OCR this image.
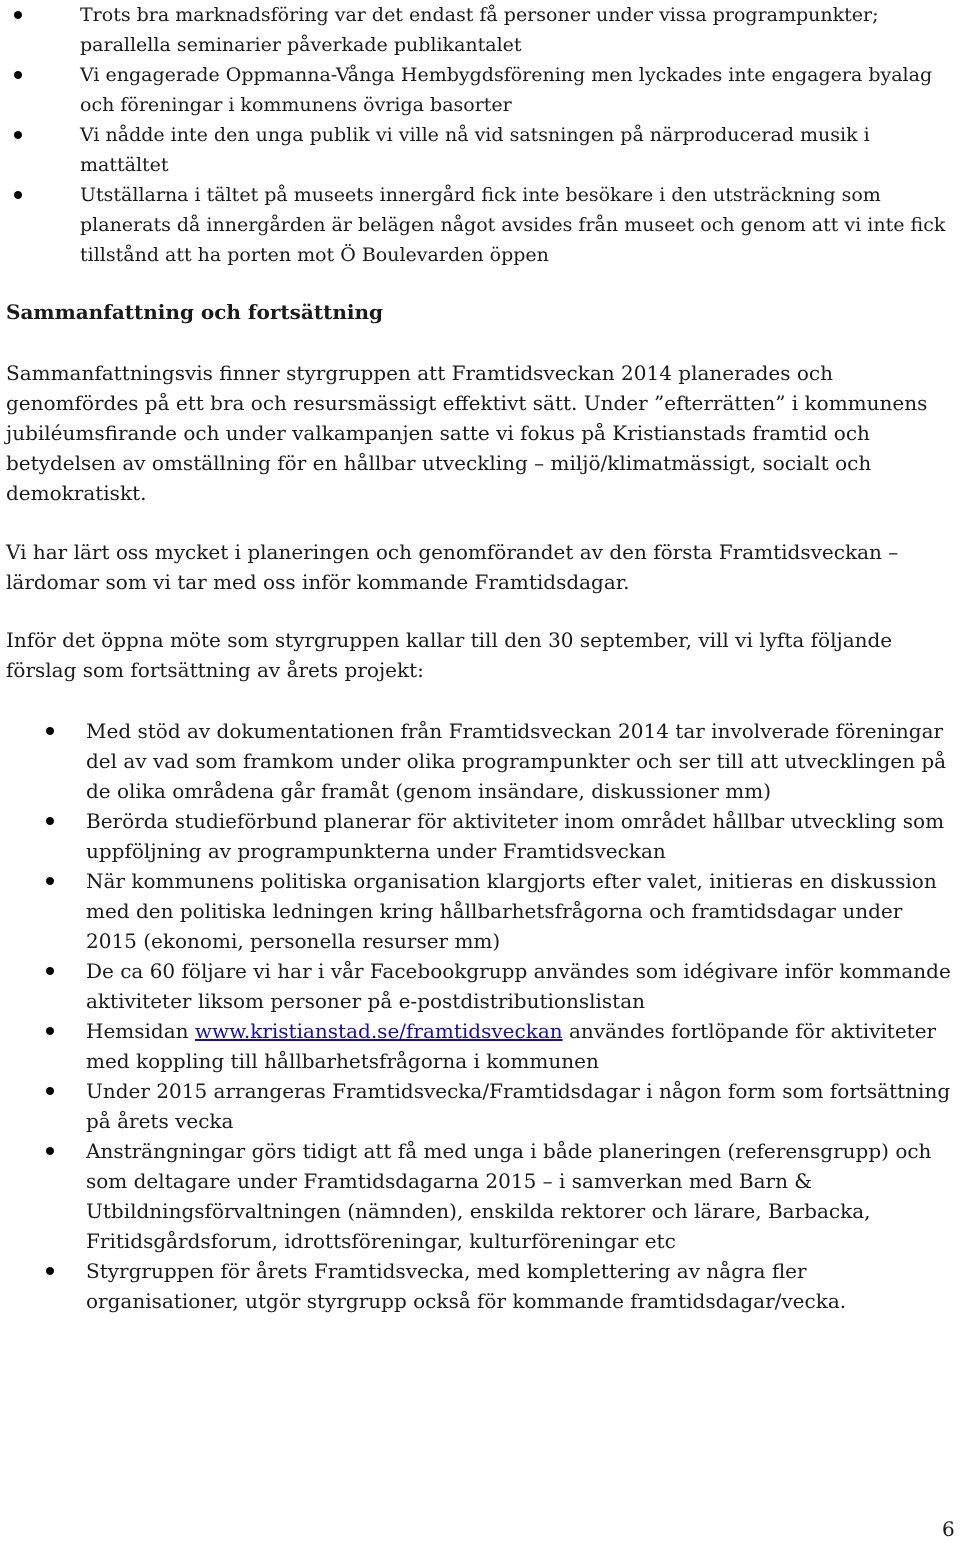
Trots bra marknadsföring var det endast få personer under vissa programpunkter; parallella seminarier påverkade publikantalet
Vi engagerade Oppmanna-Vånga Hembygdsförening men lyckades inte engagera byalag och föreningar i kommunens övriga basorter
Vi nådde inte den unga publik vi ville nå vid satsningen på närproducerad musik i mattältet
Utställarna i tältet på museets innergård fick inte besökare i den utsträckning som planerats då innergården är belägen något avsides från museet och genom att vi inte fick tillstånd att ha porten mot Ö Boulevarden öppen
Sammanfattning och fortsättning

Sammanfattningsvis finner styrgruppen att Framtidsveckan 2014 planerades och genomfördes på ett bra och resursmässigt effektivt sätt. Under ”efterrätten” i kommunens jubiléumsfirande och under valkampanjen satte vi fokus på Kristianstads framtid och betydelsen av omställning för en hållbar utveckling – miljö/klimatmässigt, socialt och demokratiskt.

Vi har lärt oss mycket i planeringen och genomförandet av den första Framtidsveckan – lärdomar som vi tar med oss inför kommande Framtidsdagar.

Inför det öppna möte som styrgruppen kallar till den 30 september, vill vi lyfta följande förslag som fortsättning av årets projekt:

Med stöd av dokumentationen från Framtidsveckan 2014 tar involverade föreningar del av vad som framkom under olika programpunkter och ser till att utvecklingen på de olika områdena går framåt (genom insändare, diskussioner mm)
Berörda studieförbund planerar för aktiviteter inom området hållbar utveckling som uppföljning av programpunkterna under Framtidsveckan
När kommunens politiska organisation klargjorts efter valet, initieras en diskussion med den politiska ledningen kring hållbarhetsfrågorna och framtidsdagar under 2015 (ekonomi, personella resurser mm)
De ca 60 följare vi har i vår Facebookgrupp användes som idégivare inför kommande aktiviteter liksom personer på e-postdistributionslistan
Hemsidan www.kristianstad.se/framtidsveckan användes fortlöpande för aktiviteter med koppling till hållbarhetsfrågorna i kommunen
Under 2015 arrangeras Framtidsvecka/Framtidsdagar i någon form som fortsättning på årets vecka
Ansträngningar görs tidigt att få med unga i både planeringen (referensgrupp) och som deltagare under Framtidsdagarna 2015 – i samverkan med Barn & Utbildningsförvaltningen (nämnden), enskilda rektorer och lärare, Barbacka, Fritidsgårdsforum, idrottsföreningar, kulturföreningar etc
Styrgruppen för årets Framtidsvecka, med komplettering av några fler organisationer, utgör styrgrupp också för kommande framtidsdagar/vecka.
6
